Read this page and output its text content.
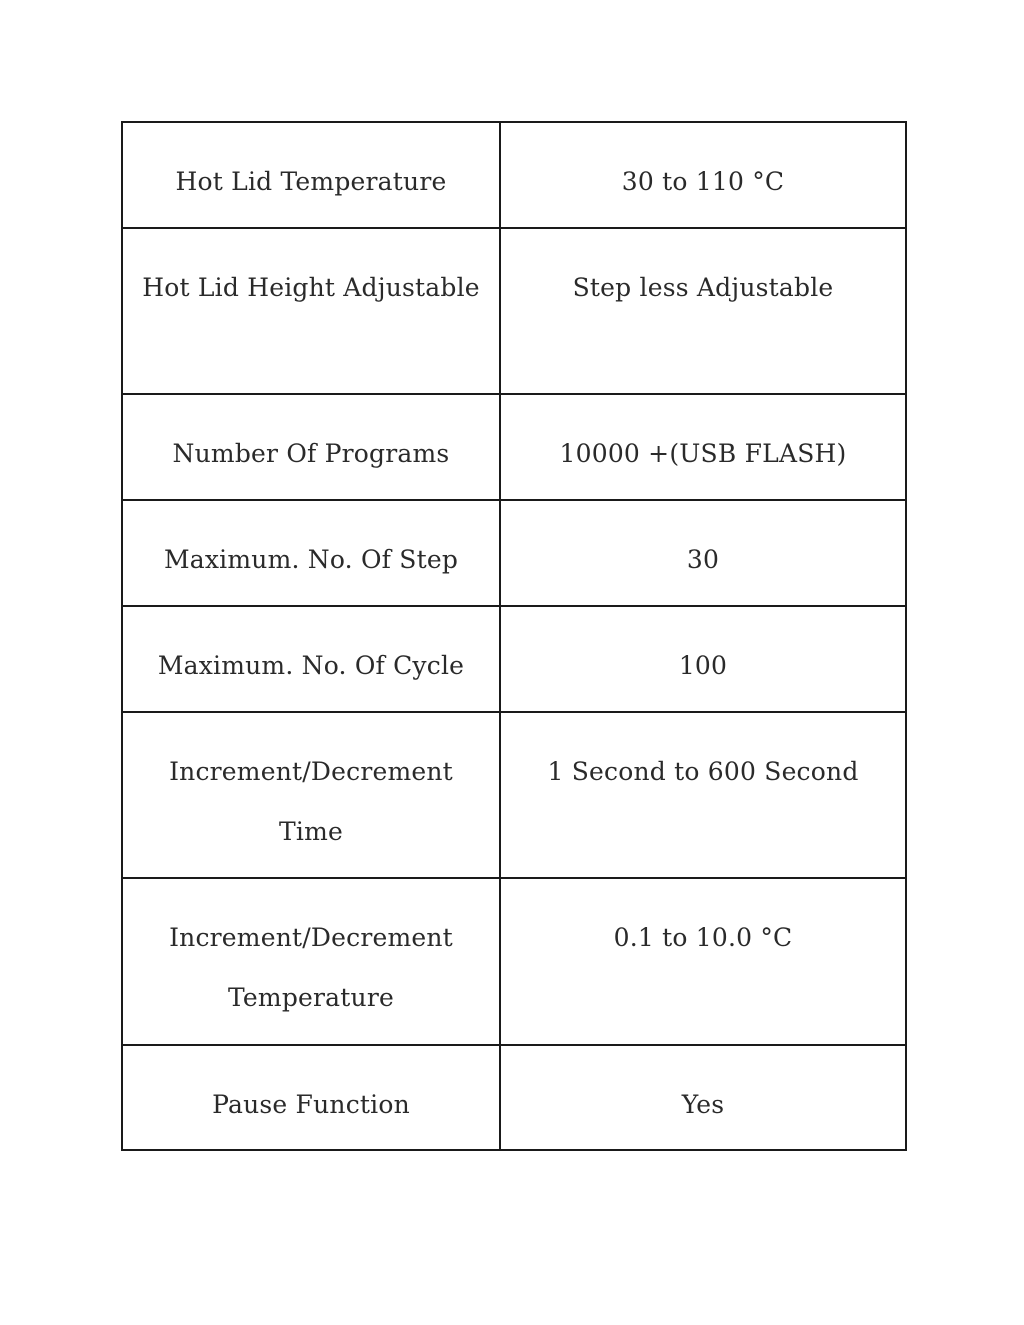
Hot Lid Temperature	30 to 110 °C
Hot Lid Height Adjustable	Step less Adjustable
Number Of Programs	10000 +(USB FLASH)
Maximum. No. Of Step	30
Maximum. No. Of Cycle	100
Increment/Decrement Time	1 Second to 600 Second
Increment/Decrement Temperature	0.1 to 10.0 °C
Pause Function	Yes
